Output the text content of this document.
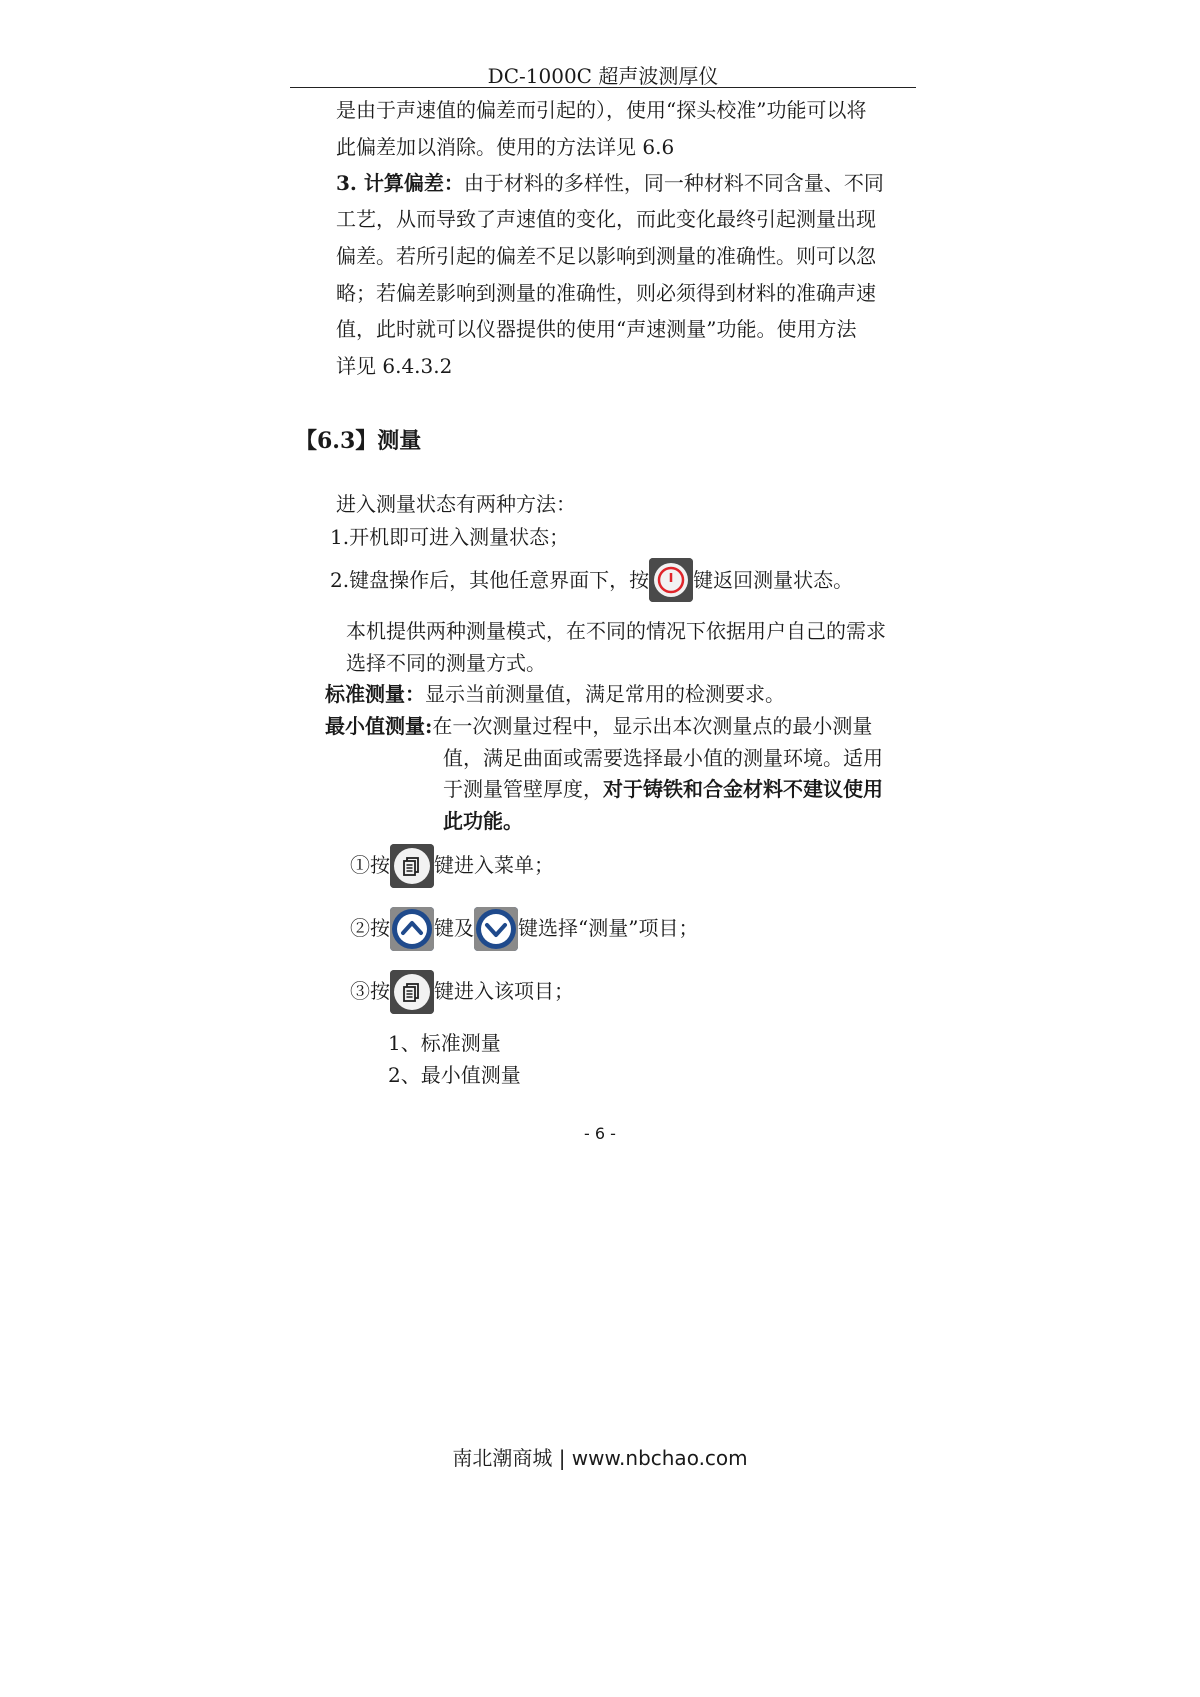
DC-1000C 超声波测厚仪
是由于声速值的偏差而引起的），使用“探头校准”功能可以将
此偏差加以消除。使用的方法详见 6.6
3. 计算偏差：由于材料的多样性，同一种材料不同含量、不同
工艺，从而导致了声速值的变化，而此变化最终引起测量出现
偏差。若所引起的偏差不足以影响到测量的准确性。则可以忽
略；若偏差影响到测量的准确性，则必须得到材料的准确声速
值，此时就可以仪器提供的使用“声速测量”功能。使用方法
详见 6.4.3.2
【6.3】测量
进入测量状态有两种方法：
1.开机即可进入测量状态；
2.键盘操作后，其他任意界面下，按 键返回测量状态。
本机提供两种测量模式，在不同的情况下依据用户自己的需求
选择不同的测量方式。
标准测量：显示当前测量值，满足常用的检测要求。
最小值测量:在一次测量过程中，显示出本次测量点的最小测量
值，满足曲面或需要选择最小值的测量环境。适用
于测量管壁厚度，对于铸铁和合金材料不建议使用
此功能。
①按 键进入菜单；
②按 键及 键选择“测量”项目；
③按 键进入该项目；
1、标准测量
2、最小值测量
- 6 -
南北潮商城 | www.nbchao.com
